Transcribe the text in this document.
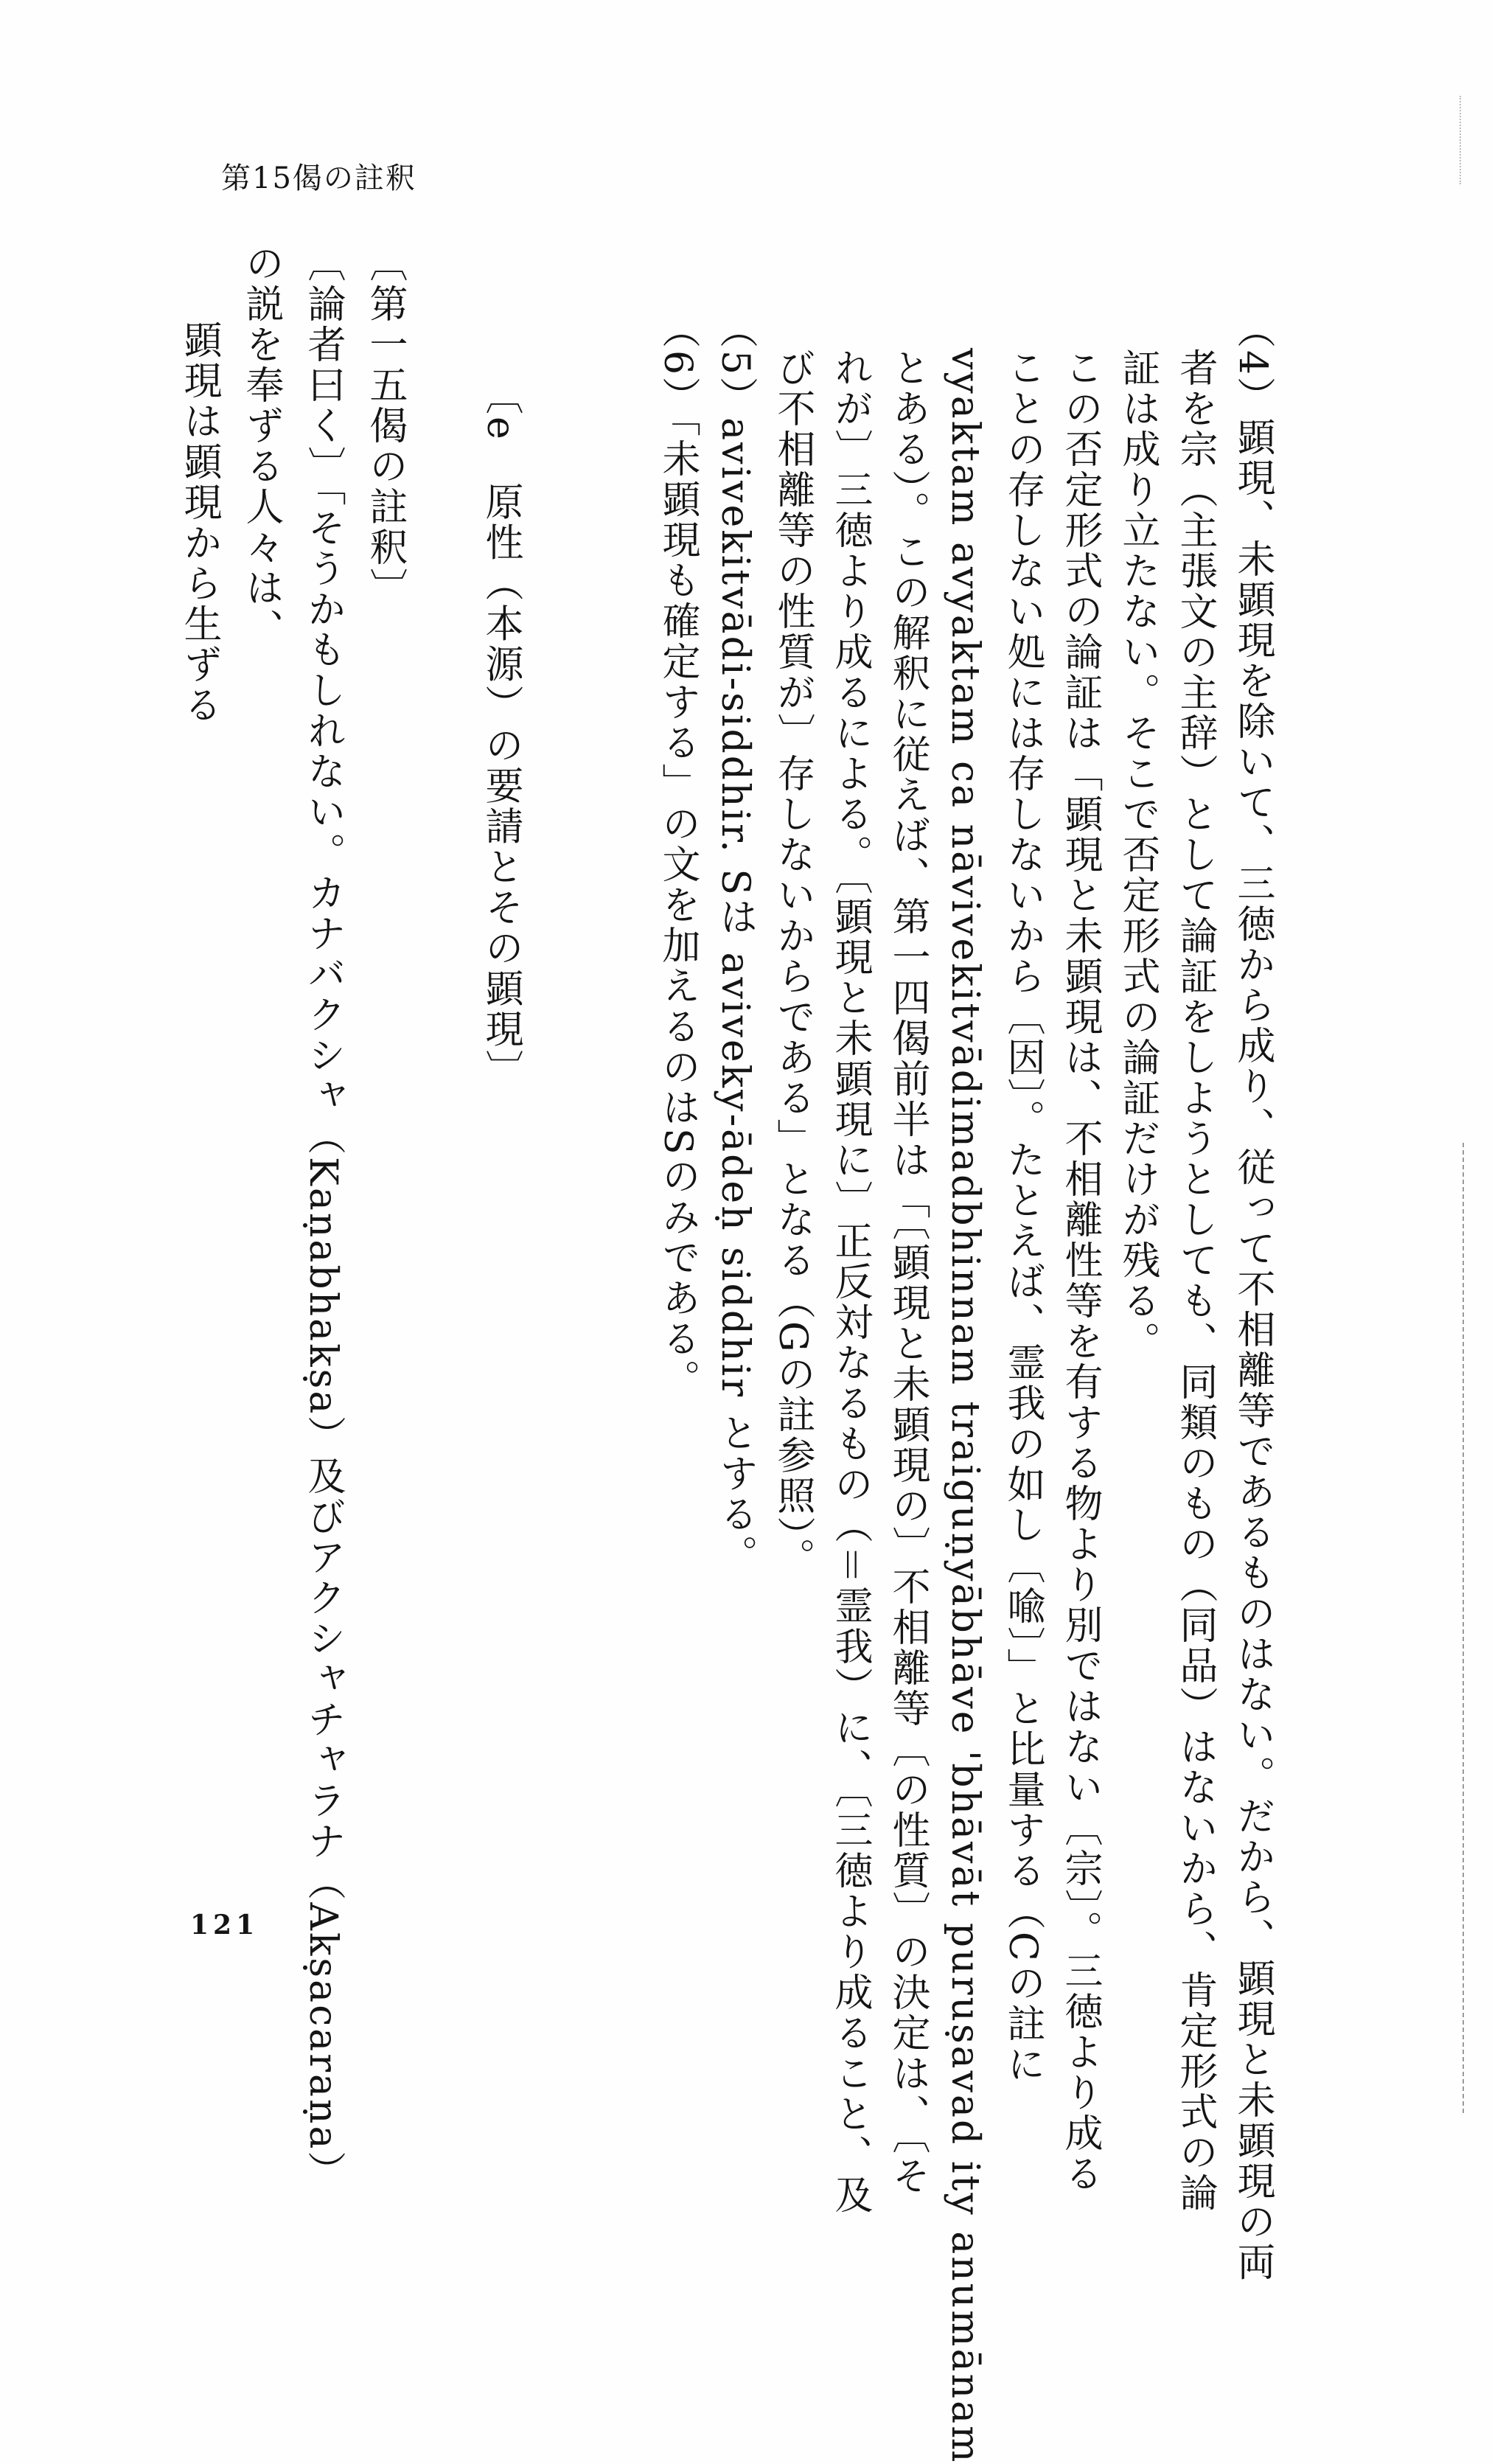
第15偈の註釈
（4）顕現、未顕現を除いて、三徳から成り、従って不相離等であるものはない。だから、顕現と未顕現の両
者を宗（主張文の主辞）として論証をしようとしても、同類のもの（同品）はないから、肯定形式の論
証は成り立たない。そこで否定形式の論証だけが残る。
この否定形式の論証は「顕現と未顕現は、不相離性等を有する物より別ではない〔宗〕。三徳より成る
ことの存しない処には存しないから〔因〕。たとえば、霊我の如し〔喩〕」と比量する（Cの註に
vyaktam avyaktam ca nāvivekitvādimadbhinnam traiguṇyābhāve 'bhāvāt puruṣavad ity anumānam
とある）。この解釈に従えば、第一四偈前半は「〔顕現と未顕現の〕不相離等〔の性質〕の決定は、〔そ
れが〕三徳より成るによる。〔顕現と未顕現に〕正反対なるもの（＝霊我）に、〔三徳より成ること、及
び不相離等の性質が〕存しないからである」となる（Gの註参照）。
（5）avivekitvādi-siddhir. Sは aviveky-ādeḥ siddhir とする。
（6）「未顕現も確定する」の文を加えるのはSのみである。
〔e　原性（本源）の要請とその顕現〕
〔第一五偈の註釈〕
〔論者曰く〕「そうかもしれない。カナバクシャ（Kaṇabhakṣa）及びアクシャチャラナ（Akṣacaraṇa）
の説を奉ずる人々は、
顕現は顕現から生ずる
121
